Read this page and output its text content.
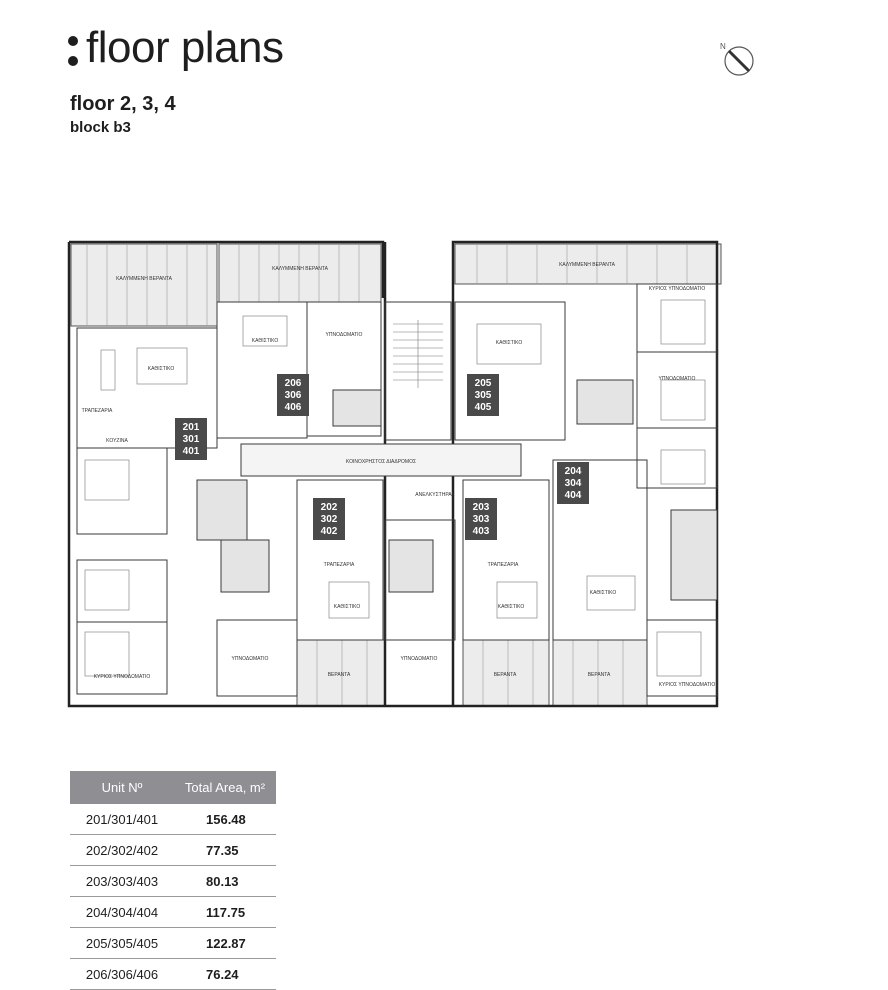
floor plans
floor 2, 3, 4
block b3
N
ΚΑΛΥΜΜΕΝΗ ΒΕΡΑΝΤΑ
ΚΑΛΥΜΜΕΝΗ ΒΕΡΑΝΤΑ
ΚΑΛΥΜΜΕΝΗ ΒΕΡΑΝΤΑ
ΚΑΘΙΣΤΙΚΟ
ΤΡΑΠΕΖΑΡΙΑ
ΚΟΥΖΙΝΑ
ΚΑΘΙΣΤΙΚΟ
ΥΠΝΟΔΩΜΑΤΙΟ
ΚΑΘΙΣΤΙΚΟ
ΚΥΡΙΟΣ ΥΠΝΟΔΩΜΑΤΙΟ
ΥΠΝΟΔΩΜΑΤΙΟ
ΚΟΙΝΟΧΡΗΣΤΟΣ ΔΙΑΔΡΟΜΟΣ
ΑΝΕΛΚΥΣΤΗΡΑΣ
ΤΡΑΠΕΖΑΡΙΑ
ΚΑΘΙΣΤΙΚΟ
ΥΠΝΟΔΩΜΑΤΙΟ	ΥΠΝΟΔΩΜΑΤΙΟ
ΤΡΑΠΕΖΑΡΙΑ
ΚΑΘΙΣΤΙΚΟ
ΚΑΘΙΣΤΙΚΟ
ΚΥΡΙΟΣ ΥΠΝΟΔΩΜΑΤΙΟ
ΚΥΡΙΟΣ ΥΠΝΟΔΩΜΑΤΙΟ	ΒΕΡΑΝΤΑ	ΒΕΡΑΝΤΑ	ΒΕΡΑΝΤΑ
206
306
406
205
305
405
201
301
401
204
304
404
202
302
402
203
303
403
Unit Nº	Total Area, m²
201/301/401	156.48
202/302/402	77.35
203/303/403	80.13
204/304/404	117.75
205/305/405	122.87
206/306/406	76.24
